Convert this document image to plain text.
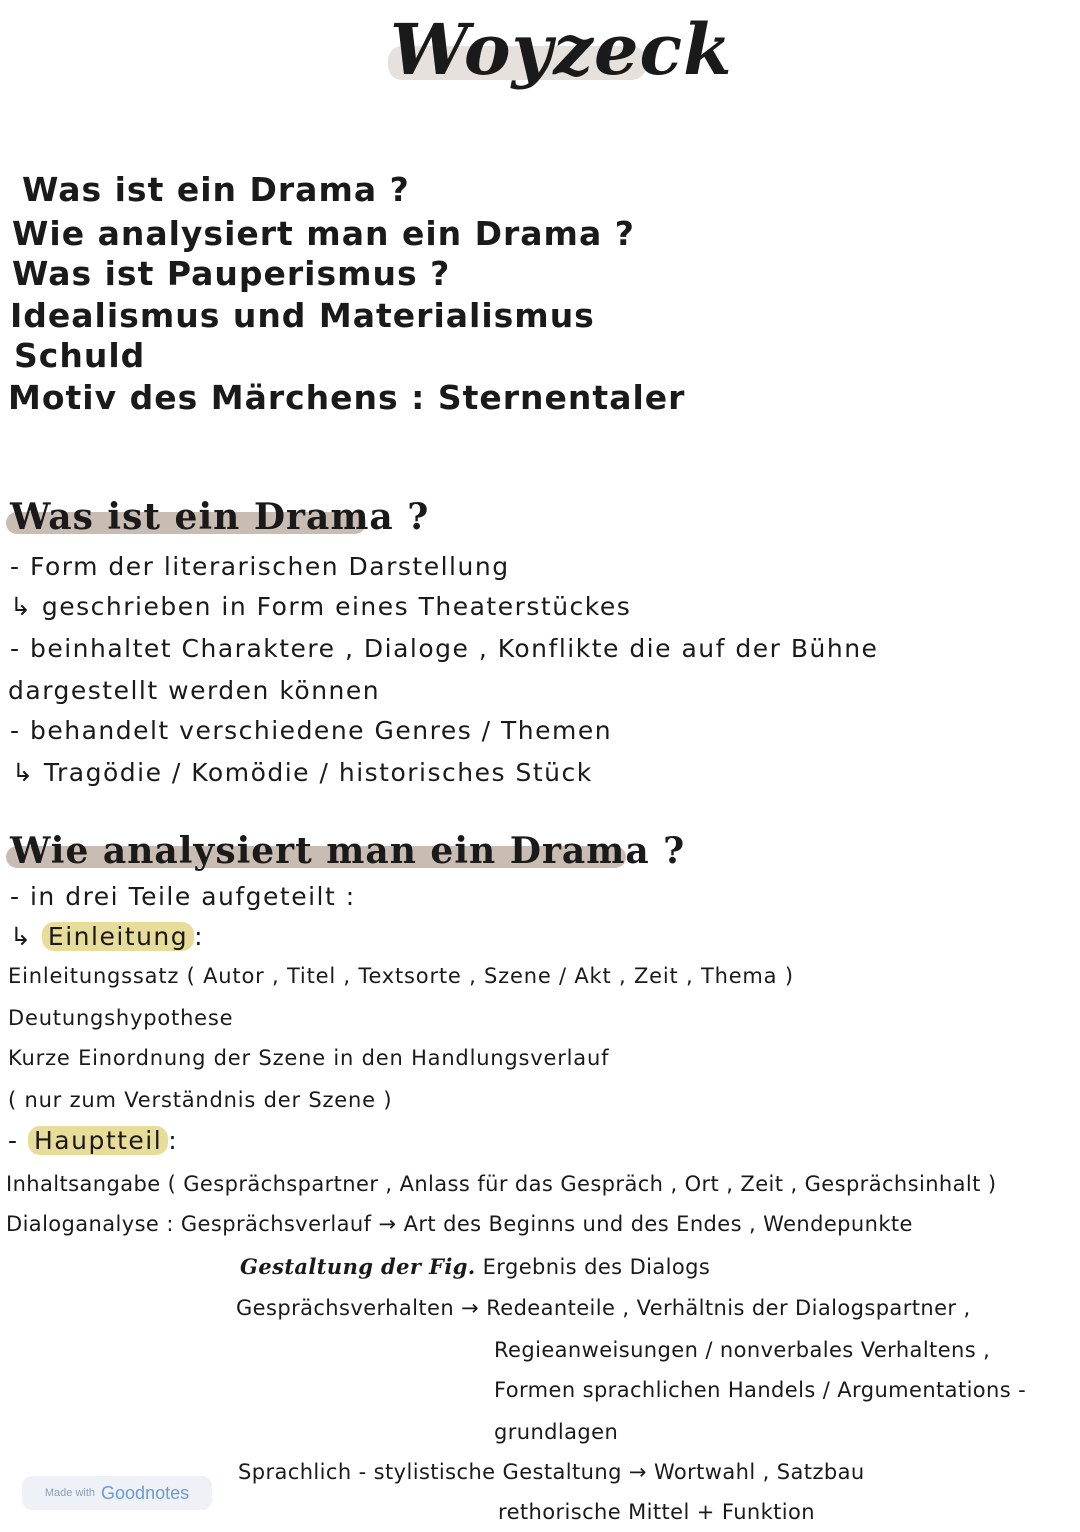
Woyzeck
Was ist ein Drama ?
Wie analysiert man ein Drama ?
Was ist Pauperismus ?
Idealismus und Materialismus
Schuld
Motiv des Märchens : Sternentaler
Was ist ein Drama ?
- Form der literarischen Darstellung
↳ geschrieben in Form eines Theaterstückes
- beinhaltet Charaktere , Dialoge , Konflikte die auf der Bühne
dargestellt werden können
- behandelt verschiedene Genres / Themen
↳ Tragödie / Komödie / historisches Stück
Wie analysiert man ein Drama ?
- in drei Teile aufgeteilt :
↳ Einleitung :
Einleitungssatz ( Autor , Titel , Textsorte , Szene / Akt , Zeit , Thema )
Deutungshypothese
Kurze Einordnung der Szene in den Handlungsverlauf
( nur zum Verständnis der Szene )
- Hauptteil :
Inhaltsangabe ( Gesprächspartner , Anlass für das Gespräch , Ort , Zeit , Gesprächsinhalt )
Dialoganalyse : Gesprächsverlauf → Art des Beginns und des Endes , Wendepunkte
Gestaltung der Fig. Ergebnis des Dialogs
Gesprächsverhalten → Redeanteile , Verhältnis der Dialogspartner ,
Regieanweisungen / nonverbales Verhaltens ,
Formen sprachlichen Handels / Argumentations -
grundlagen
Sprachlich - stylistische Gestaltung → Wortwahl , Satzbau
rethorische Mittel + Funktion
Made with Goodnotes
